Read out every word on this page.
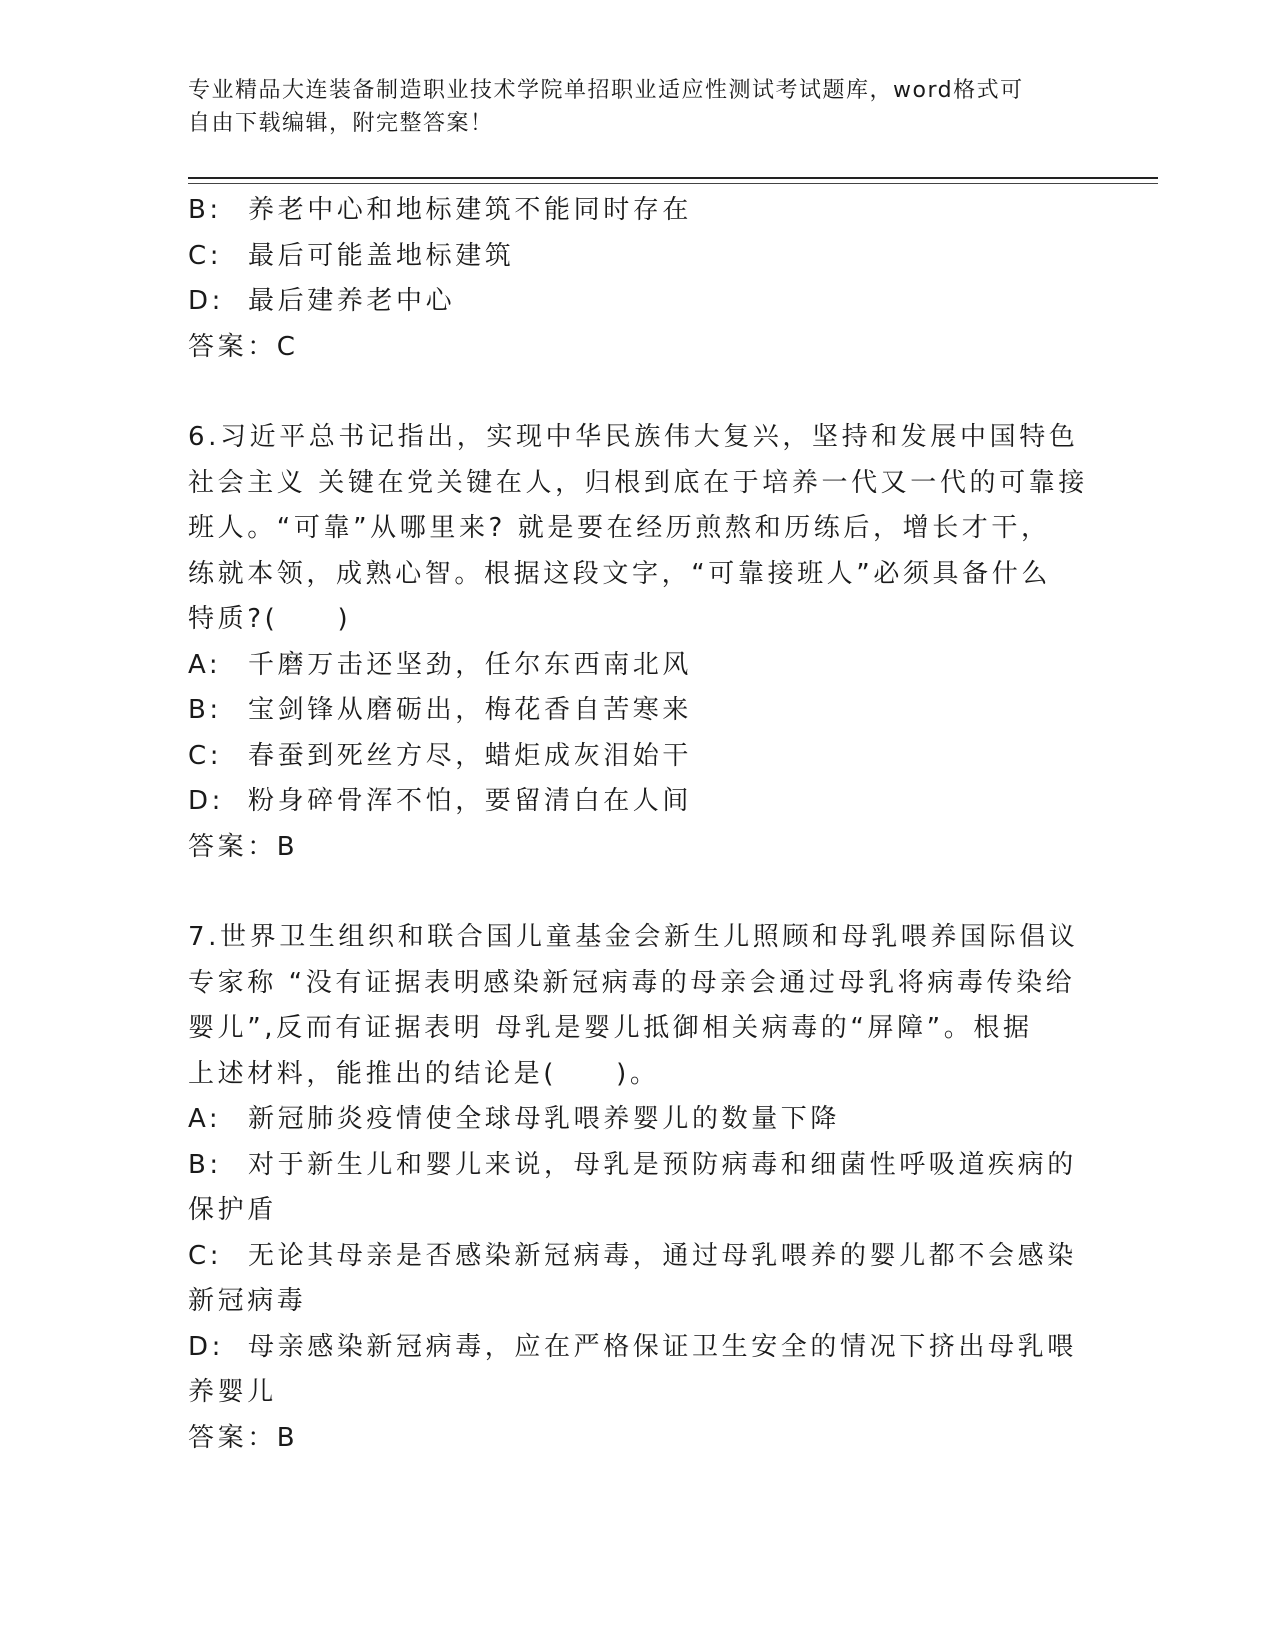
专业精品大连装备制造职业技术学院单招职业适应性测试考试题库，word格式可
自由下载编辑，附完整答案！
B:	养老中心和地标建筑不能同时存在
C: 最后可能盖地标建筑
D: 最后建养老中心
答案：C
6.习近平总书记指出，实现中华民族伟大复兴，坚持和发展中国特色
社会主义 关键在党关键在人，归根到底在于培养一代又一代的可靠接
班人。“可靠”从哪里来? 就是要在经历煎熬和历练后，增长才干，
练就本领，成熟心智。根据这段文字，“可靠接班人”必须具备什么
特质?(　　)
A:	千磨万击还坚劲，任尔东西南北风
B:	宝剑锋从磨砺出，梅花香自苦寒来
C: 春蚕到死丝方尽，蜡炬成灰泪始干
D: 粉身碎骨浑不怕，要留清白在人间
答案：B
7.世界卫生组织和联合国儿童基金会新生儿照顾和母乳喂养国际倡议
专家称 “没有证据表明感染新冠病毒的母亲会通过母乳将病毒传染给
婴儿”,反而有证据表明 母乳是婴儿抵御相关病毒的“屏障”。根据
上述材料，能推出的结论是(　　)。
A:	新冠肺炎疫情使全球母乳喂养婴儿的数量下降
B:	对于新生儿和婴儿来说，母乳是预防病毒和细菌性呼吸道疾病的
保护盾
C: 无论其母亲是否感染新冠病毒，通过母乳喂养的婴儿都不会感染
新冠病毒
D: 母亲感染新冠病毒，应在严格保证卫生安全的情况下挤出母乳喂
养婴儿
答案：B
